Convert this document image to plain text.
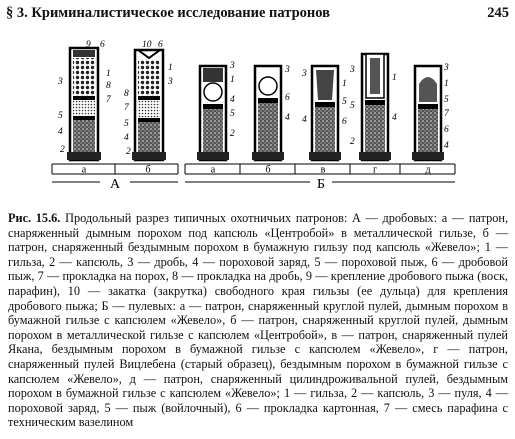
§ 3. Криминалистическое исследование патронов	245
а	б	а	б	в	г	д
А	Б
9 6
3
1
8
7
5
4
2
10 6
1
3
8
7
5
4
2
3
1
4
5
2
3
6
4
3
1
4
5
6
3
1
5
4
2
3
1
5
7
6
4
Рис. 15.6. Продольный разрез типичных охотничьих патронов: А — дробовых: а — патрон, снаряженный дымным порохом под капсюль «Центробой» в металлической гильзе, б — патрон, снаряженный бездымным порохом в бумажную гильзу под капсюль «Жевело»; 1 — гильза, 2 — капсюль, 3 — дробь, 4 — пороховой заряд, 5 — пороховой пыж, 6 — дробовой пыж, 7 — прокладка на порох, 8 — прокладка на дробь, 9 — крепление дробового пыжа (воск, парафин), 10 — закатка (закрутка) свободного края гильзы (ее дульца) для крепления дробового пыжа; Б — пулевых: а — патрон, снаряженный круглой пулей, дымным порохом в бумажной гильзе с капсюлем «Жевело», б — патрон, снаряженный круглой пулей, дымным порохом в металлической гильзе с капсюлем «Центробой», в — патрон, снаряженный пулей Якана, бездымным порохом в бумажной гильзе с капсюлем «Жевело», г — патрон, снаряженный пулей Вицлебена (старый образец), бездымным порохом в бумажной гильзе с капсюлем «Жевело», д — патрон, снаряженный цилиндроживальной пулей, бездымным порохом в бумажной гильзе с капсюлем «Жевело»; 1 — гильза, 2 — капсюль, 3 — пуля, 4 — пороховой заряд, 5 — пыж (войлочный), 6 — прокладка картонная, 7 — смесь парафина с техническим вазелином
